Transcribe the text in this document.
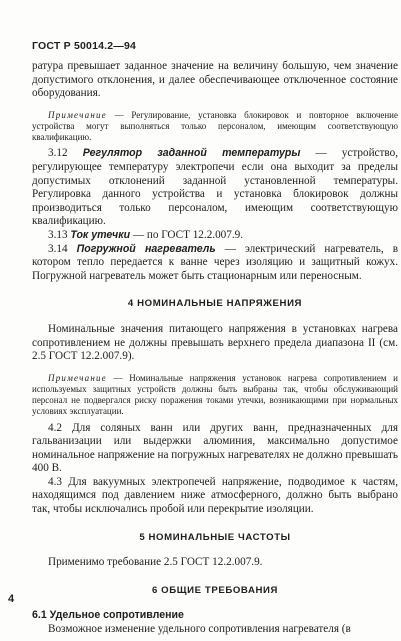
ГОСТ Р 50014.2—94

ратура превышает заданное значение на величину большую, чем значение допустимого отклонения, и далее обеспечивающее отключенное состояние оборудования.

Примечание — Регулирование, установка блокировок и повторное включение устройства могут выполняться только персоналом, имеющим соответствующую квалификацию.

3.12 Регулятор заданной температуры — устройство, регулирующее температуру электропечи если она выходит за пределы допустимых отклонений заданной установленной температуры. Регулировка данного устройства и установка блокировок должны производиться только персоналом, имеющим соответствующую квалификацию.

3.13 Ток утечки — по ГОСТ 12.2.007.9.

3.14 Погружной нагреватель — электрический нагреватель, в котором тепло передается к ванне через изоляцию и защитный кожух. Погружной нагреватель может быть стационарным или переносным.

4 НОМИНАЛЬНЫЕ НАПРЯЖЕНИЯ

Номинальные значения питающего напряжения в установках нагрева сопротивлением не должны превышать верхнего предела диапазона II (см. 2.5 ГОСТ 12.2.007.9).

Примечание — Номинальные напряжения установок нагрева сопротивлением и используемых защитных устройств должны быть выбраны так, чтобы обслуживающий персонал не подвергался риску поражения токами утечки, возникающими при нормальных условиях эксплуатации.

4.2 Для соляных ванн или других ванн, предназначенных для гальванизации или выдержки алюминия, максимально допустимое номинальное напряжение на погружных нагревателях не должно превышать 400 В.

4.3 Для вакуумных электропечей напряжение, подводимое к частям, находящимся под давлением ниже атмосферного, должно быть выбрано так, чтобы исключались пробой или перекрытие изоляции.

5 НОМИНАЛЬНЫЕ ЧАСТОТЫ

Применимо требование 2.5 ГОСТ 12.2.007.9.

6 ОБЩИЕ ТРЕБОВАНИЯ

6.1 Удельное сопротивление

Возможное изменение удельного сопротивления нагревателя (в

4
